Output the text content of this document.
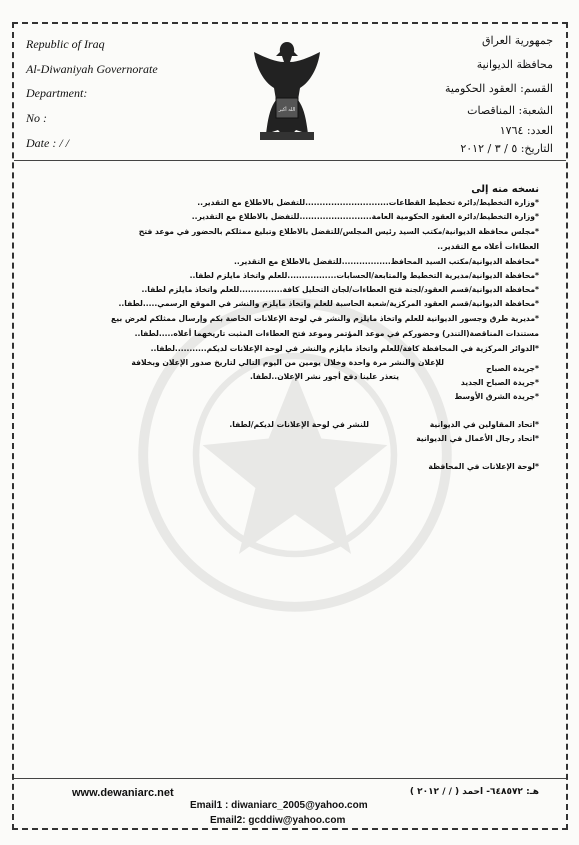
Republic of Iraq
Al-Diwaniyah Governorate
Department:
No :
Date : / /
الله أكبر
جمهورية العراق
محافظة الديوانية
القسم: العقود الحكومية
الشعبة: المناقصات
العدد: ١٧٦٤
التاريخ: ٥ / ٣ / ٢٠١٢
نسخه منه إلى
*وزارة التخطيط/دائرة تخطيط القطاعات.............................للتفضل بالاطلاع مع التقدير..
*وزارة التخطيط/دائرة العقود الحكومية العامة.........................للتفضل بالاطلاع مع التقدير..
*مجلس محافظة الديوانية/مكتب السيد رئيس المجلس/للتفضل بالاطلاع وتبليغ ممثلكم بالحضور في موعد فتح
العطاءات أعلاه مع التقدير..
*محافظة الديوانية/مكتب السيد المحافظ.................للتفضل بالاطلاع مع التقدير..
*محافظة الديوانية/مديرية التخطيط والمتابعة/الحسابات.................للعلم واتخاذ مايلزم لطفا..
*محافظة الديوانية/قسم العقود/لجنة فتح العطاءات/لجان التحليل كافة...............للعلم واتخاذ مايلزم لطفا..
*محافظة الديوانية/قسم العقود المركزية/شعبة الحاسبة للعلم واتخاذ مايلزم والنشر في الموقع الرسمي.....لطفا..
*مديرية طرق وجسور الديوانية للعلم واتخاذ مايلزم والنشر في لوحة الإعلانات الخاصة بكم وإرسال ممثلكم لغرض بيع
مستندات المناقصة(التندر) وحضوركم في موعد المؤتمر وموعد فتح العطاءات المثبت تاريخهما أعلاه.....لطفا..
*الدوائر المركزية في المحافظة كافة/للعلم واتخاذ مايلزم والنشر في لوحة الإعلانات لديكم...........لطفا..
*جريدة الصباح
*جريدة الصباح الجديد
*جريدة الشرق الأوسط
للإعلان والنشر مرة واحدة وخلال يومين من اليوم التالي لتاريخ صدور الإعلان وبخلافة
يتعذر علينا دفع أجور نشر الإعلان..لطفا.
*اتحاد المقاولين في الديوانية
*اتحاد رجال الأعمال في الديوانية
للنشر في لوحة الإعلانات لديكم/لطفا.
*لوحة الإعلانات في المحافظة
www.dewaniarc.net	هـ: ٦٤٨٥٧٢- احمد ( / / ٢٠١٢ )
Email1 : diwaniarc_2005@yahoo.com
Email2: gcddiw@yahoo.com
